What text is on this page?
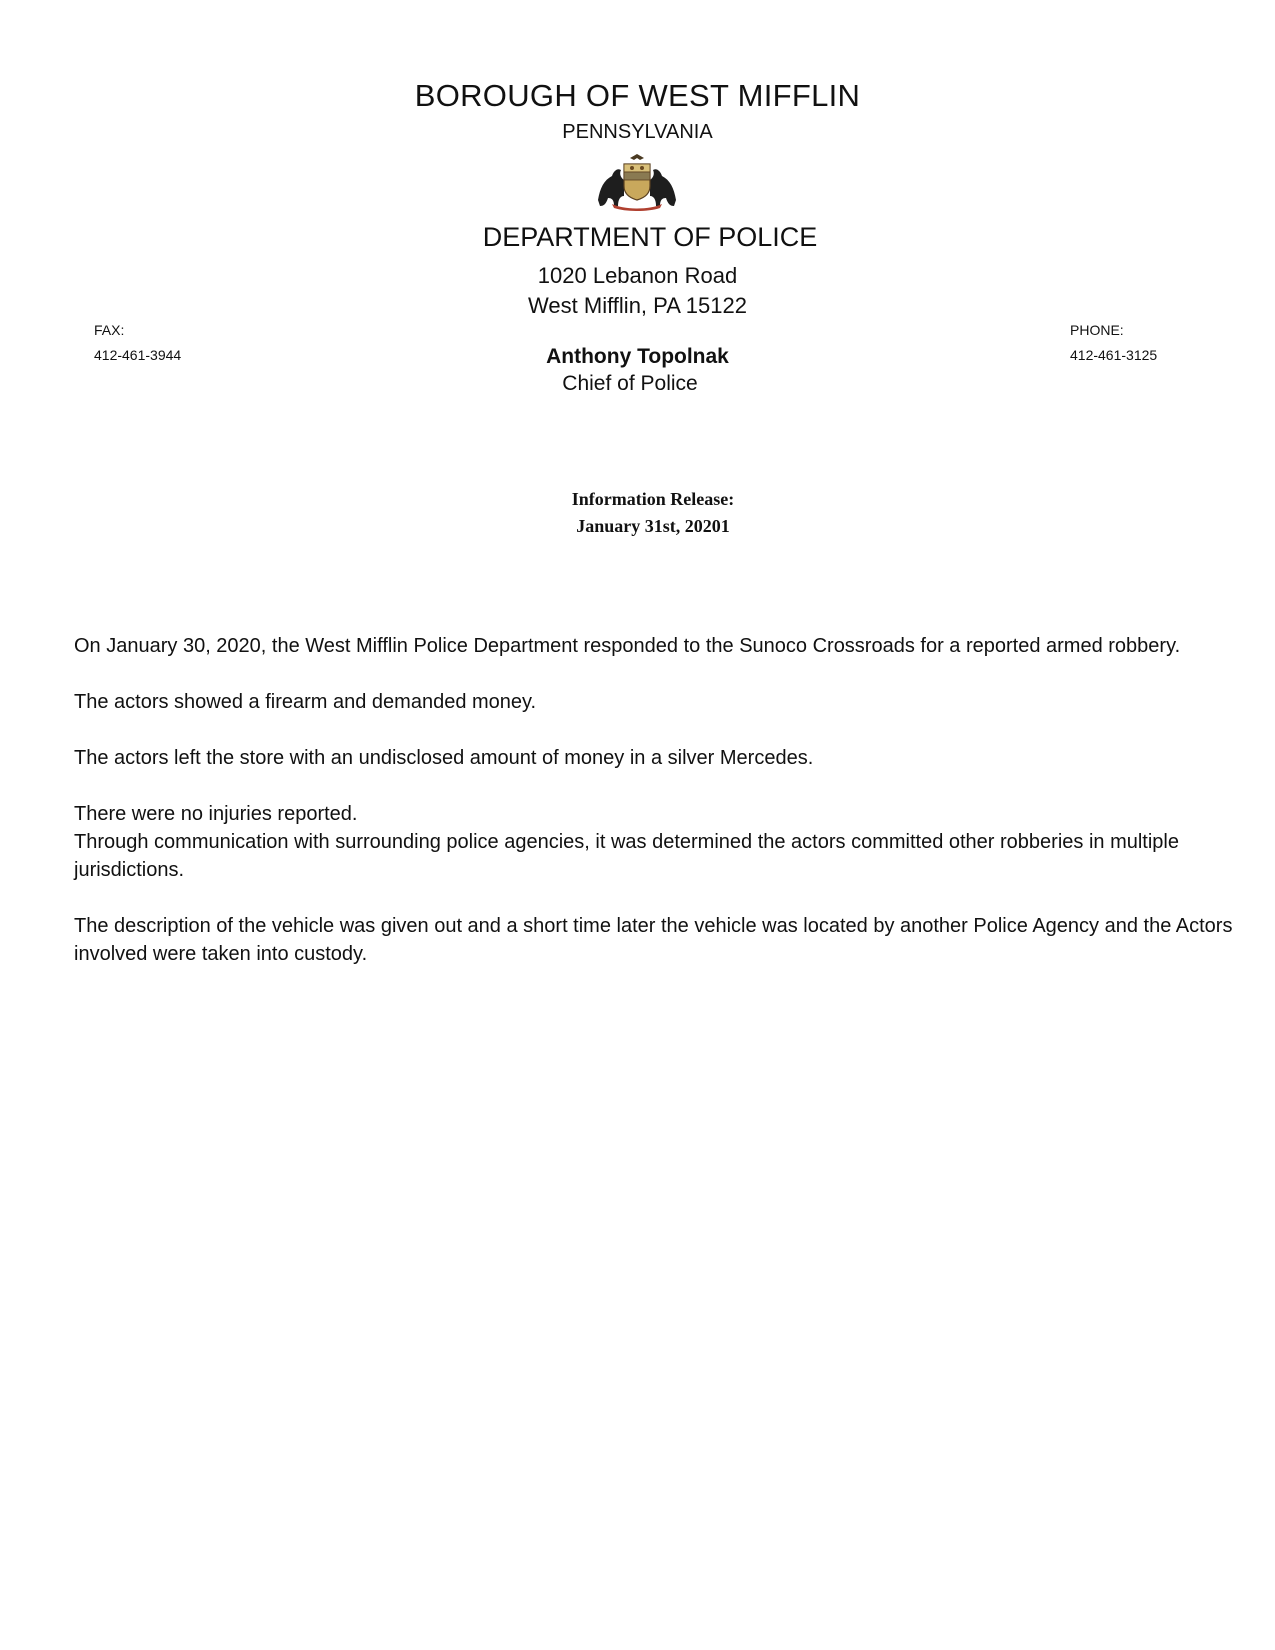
BOROUGH OF WEST MIFFLIN
PENNSYLVANIA
DEPARTMENT OF POLICE
1020 Lebanon Road
West Mifflin, PA 15122
FAX:
412-461-3944
PHONE:
412-461-3125
Anthony Topolnak
Chief of Police
Information Release:
January 31st, 20201

On January 30, 2020, the West Mifflin Police Department responded to the Sunoco Crossroads for a reported armed robbery.

The actors showed a firearm and demanded money.

The actors left the store with an undisclosed amount of money in a silver Mercedes.

There were no injuries reported.

Through communication with surrounding police agencies, it was determined the actors committed other robberies in multiple jurisdictions.

The description of the vehicle was given out and a short time later the vehicle was located by another Police Agency and the Actors involved were taken into custody.
